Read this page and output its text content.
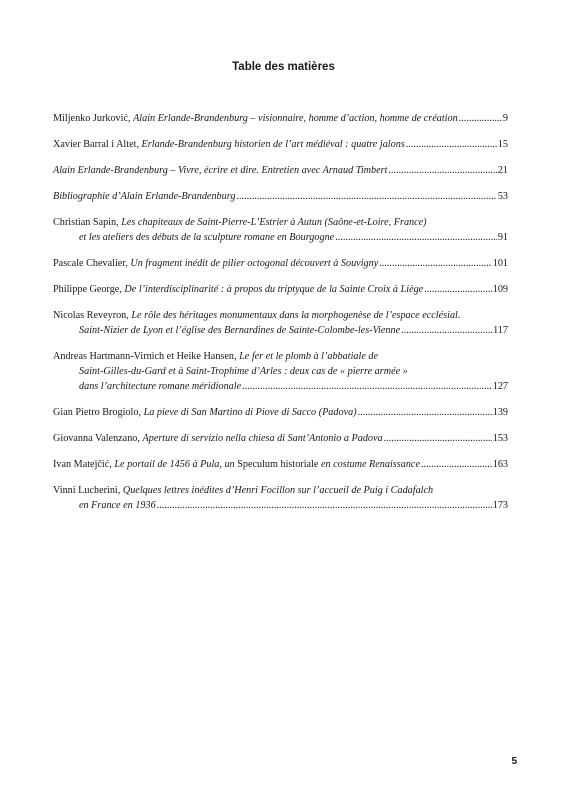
Table des matières
Miljenko Jurković, Alain Erlande-Brandenburg – visionnaire, homme d’action, homme de création .....	9
Xavier Barral i Altet, Erlande-Brandenburg historien de l’art médiéval : quatre jalons .....	15
Alain Erlande-Brandenburg – Vivre, écrire et dire. Entretien avec Arnaud Timbert .....	21
Bibliographie d’Alain Erlande-Brandenburg .....	53
Christian Sapin, Les chapiteaux de Saint-Pierre-L’Estrier à Autun (Saône-et-Loire, France)
et les ateliers des débuts de la sculpture romane en Bourgogne .....	91
Pascale Chevalier, Un fragment inédit de pilier octogonal découvert à Souvigny .....	101
Philippe George, De l’interdisciplinarité : à propos du triptyque de la Sainte Croix à Liège .....	109
Nicolas Reveyron, Le rôle des héritages monumentaux dans la morphogenèse de l’espace ecclésial.
Saint-Nizier de Lyon et l’église des Bernardines de Sainte-Colombe-les-Vienne .....	117
Andreas Hartmann-Virnich et Heike Hansen, Le fer et le plomb à l’abbatiale de
Saint-Gilles-du-Gard et à Saint-Trophime d’Arles : deux cas de « pierre armée »
dans l’architecture romane méridionale .....	127
Gian Pietro Brogiolo, La pieve di San Martino di Piove di Sacco (Padova) .....	139
Giovanna Valenzano, Aperture di servizio nella chiesa di Sant’Antonio a Padova .....	153
Ivan Matejčić, Le portail de 1456 à Pula, un Speculum historiale en costume Renaissance .....	163
Vinni Lucherini, Quelques lettres inédites d’Henri Focillon sur l’accueil de Puig i Cadafalch
en France en 1936 .....	173
5
